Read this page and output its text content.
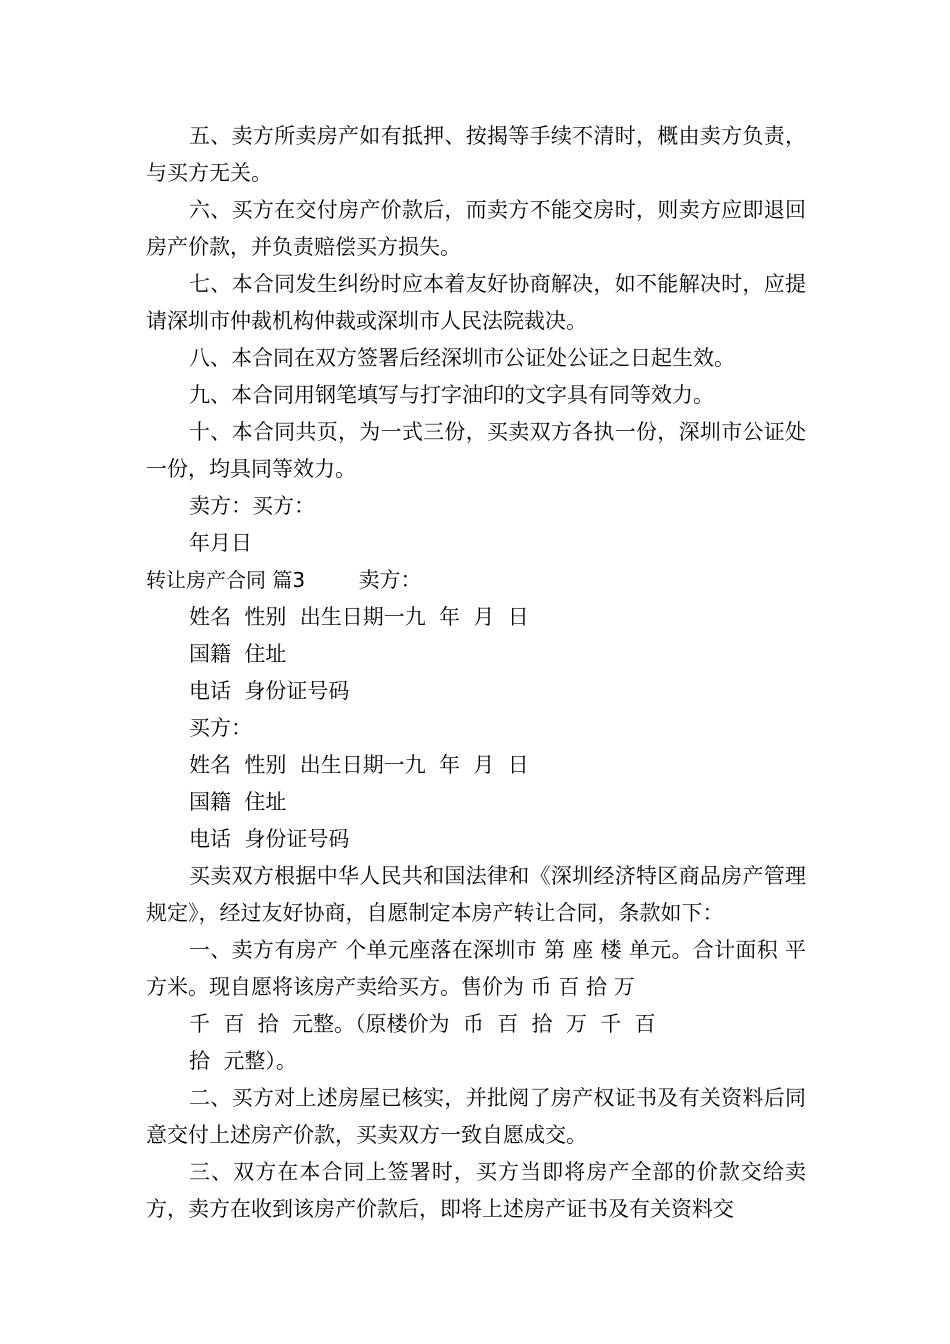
五、卖方所卖房产如有抵押、按揭等手续不清时，概由卖方负责，与买方无关。

六、买方在交付房产价款后，而卖方不能交房时，则卖方应即退回房产价款，并负责赔偿买方损失。

七、本合同发生纠纷时应本着友好协商解决，如不能解决时，应提请深圳市仲裁机构仲裁或深圳市人民法院裁决。

八、本合同在双方签署后经深圳市公证处公证之日起生效。

九、本合同用钢笔填写与打字油印的文字具有同等效力。

十、本合同共页，为一式三份，买卖双方各执一份，深圳市公证处一份，均具同等效力。

卖方：买方：

年月日

转让房产合同 篇3	卖方：

姓名  性别  出生日期一九  年  月  日

国籍  住址

电话  身份证号码

买方：

姓名  性别  出生日期一九  年  月  日

国籍  住址

电话  身份证号码

买卖双方根据中华人民共和国法律和《深圳经济特区商品房产管理规定》，经过友好协商，自愿制定本房产转让合同，条款如下：

一、卖方有房产 个单元座落在深圳市 第 座 楼 单元。合计面积 平方米。现自愿将该房产卖给买方。售价为 币 百 拾 万

千  百  拾  元整。（原楼价为  币  百  拾  万  千  百

拾  元整）。

二、买方对上述房屋已核实，并批阅了房产权证书及有关资料后同意交付上述房产价款，买卖双方一致自愿成交。

三、双方在本合同上签署时，买方当即将房产全部的价款交给卖方，卖方在收到该房产价款后，即将上述房产证书及有关资料交
